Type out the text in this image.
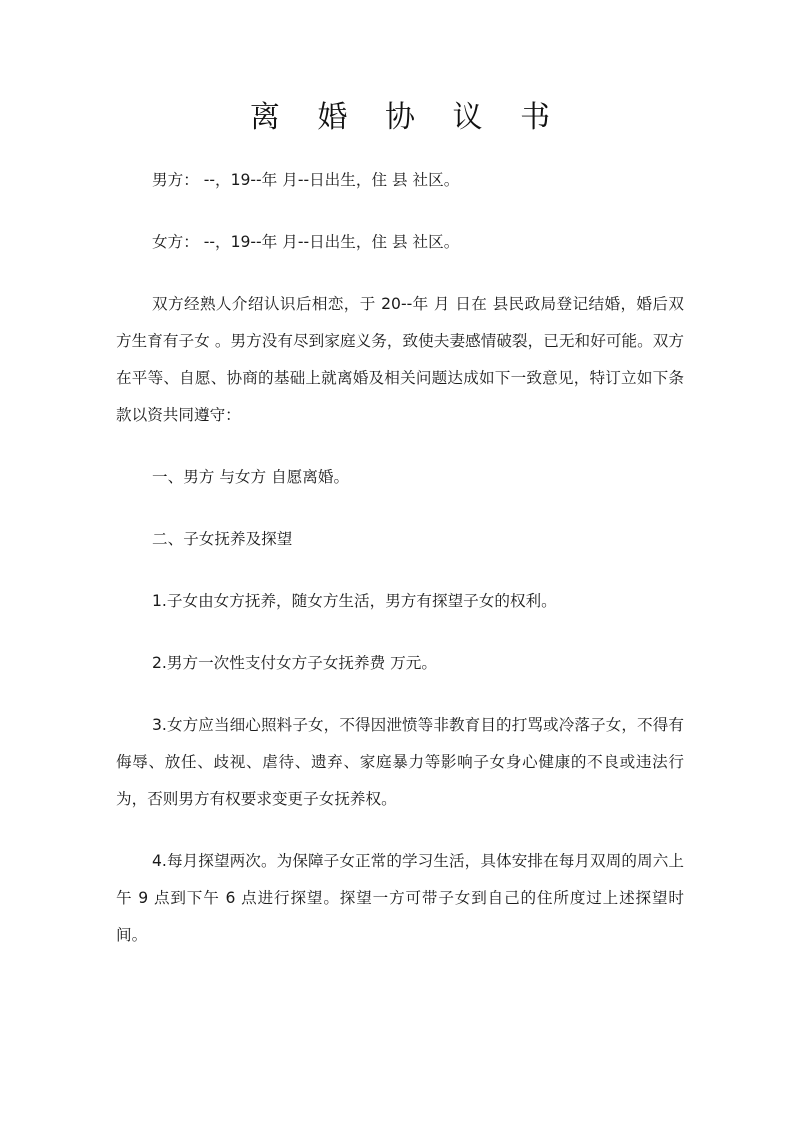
离 婚 协 议 书

男方： --，19--年 月--日出生，住 县 社区。

女方： --，19--年 月--日出生，住 县 社区。

双方经熟人介绍认识后相恋，于 20--年 月 日在 县民政局登记结婚，婚后双方生育有子女 。男方没有尽到家庭义务，致使夫妻感情破裂，已无和好可能。双方在平等、自愿、协商的基础上就离婚及相关问题达成如下一致意见，特订立如下条款以资共同遵守：

一、男方 与女方 自愿离婚。

二、子女抚养及探望

1.子女由女方抚养，随女方生活，男方有探望子女的权利。

2.男方一次性支付女方子女抚养费 万元。

3.女方应当细心照料子女，不得因泄愤等非教育目的打骂或冷落子女，不得有侮辱、放任、歧视、虐待、遗弃、家庭暴力等影响子女身心健康的不良或违法行为，否则男方有权要求变更子女抚养权。

4.每月探望两次。为保障子女正常的学习生活，具体安排在每月双周的周六上午 9 点到下午 6 点进行探望。探望一方可带子女到自己的住所度过上述探望时间。
